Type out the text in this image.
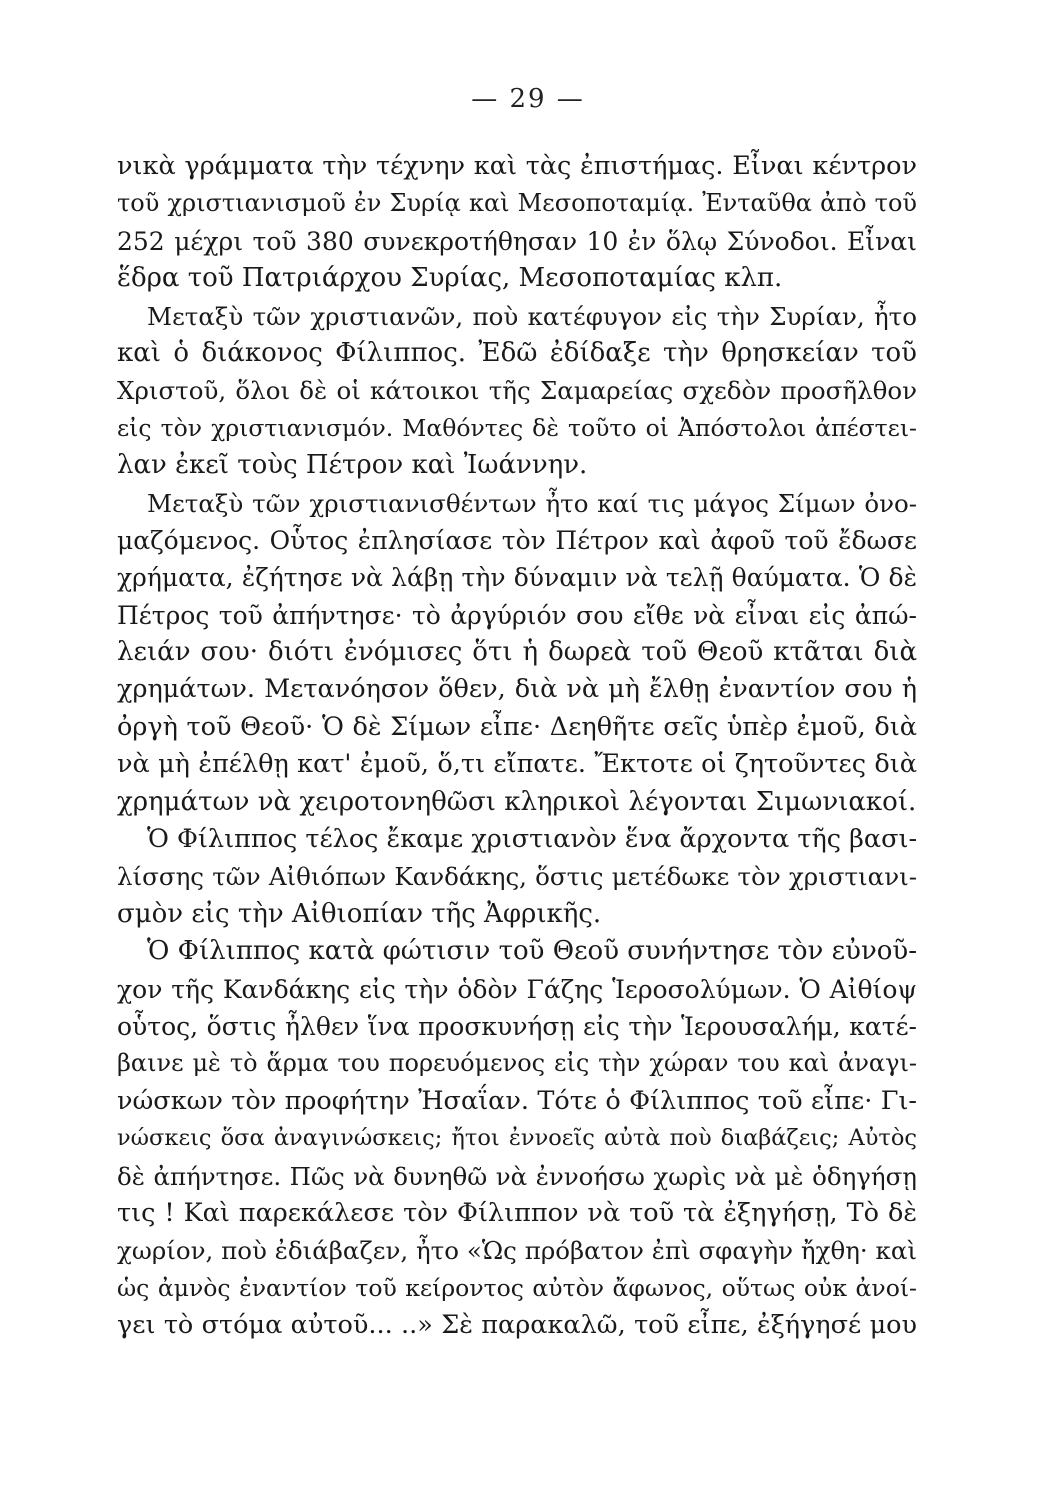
— 29 —
νικὰ γράμματα τὴν τέχνην καὶ τὰς ἐπιστήμας. Εἶναι κέντρον
τοῦ χριστιανισμοῦ ἐν Συρίᾳ καὶ Μεσοποταμίᾳ. Ἐνταῦθα ἀπὸ τοῦ
252 μέχρι τοῦ 380 συνεκροτήθησαν 10 ἐν ὅλῳ Σύνοδοι. Εἶναι
ἕδρα τοῦ Πατριάρχου Συρίας, Μεσοποταμίας κλπ.
Μεταξὺ τῶν χριστιανῶν, ποὺ κατέφυγον εἰς τὴν Συρίαν, ἦτο
καὶ ὁ διάκονος Φίλιππος. Ἐδῶ ἐδίδαξε τὴν θρησκείαν τοῦ
Χριστοῦ, ὅλοι δὲ οἱ κάτοικοι τῆς Σαμαρείας σχεδὸν προσῆλθον
εἰς τὸν χριστιανισμόν. Μαθόντες δὲ τοῦτο οἱ Ἀπόστολοι ἀπέστει-
λαν ἐκεῖ τοὺς Πέτρον καὶ Ἰωάννην.
Μεταξὺ τῶν χριστιανισθέντων ἦτο καί τις μάγος Σίμων ὀνο-
μαζόμενος. Οὗτος ἐπλησίασε τὸν Πέτρον καὶ ἀφοῦ τοῦ ἔδωσε
χρήματα, ἐζήτησε νὰ λάβῃ τὴν δύναμιν νὰ τελῇ θαύματα. Ὁ δὲ
Πέτρος τοῦ ἀπήντησε· τὸ ἀργύριόν σου εἴθε νὰ εἶναι εἰς ἀπώ-
λειάν σου· διότι ἐνόμισες ὅτι ἡ δωρεὰ τοῦ Θεοῦ κτᾶται διὰ
χρημάτων. Μετανόησον ὅθεν, διὰ νὰ μὴ ἔλθῃ ἐναντίον σου ἡ
ὀργὴ τοῦ Θεοῦ· Ὁ δὲ Σίμων εἶπε· Δεηθῆτε σεῖς ὑπὲρ ἐμοῦ, διὰ
νὰ μὴ ἐπέλθῃ κατ' ἐμοῦ, ὅ,τι εἴπατε. Ἔκτοτε οἱ ζητοῦντες διὰ
χρημάτων νὰ χειροτονηθῶσι κληρικοὶ λέγονται Σιμωνιακοί.
Ὁ Φίλιππος τέλος ἔκαμε χριστιανὸν ἕνα ἄρχοντα τῆς βασι-
λίσσης τῶν Αἰθιόπων Κανδάκης, ὅστις μετέδωκε τὸν χριστιανι-
σμὸν εἰς τὴν Αἰθιοπίαν τῆς Ἀφρικῆς.
Ὁ Φίλιππος κατὰ φώτισιν τοῦ Θεοῦ συνήντησε τὸν εὐνοῦ-
χον τῆς Κανδάκης εἰς τὴν ὁδὸν Γάζης Ἱεροσολύμων. Ὁ Αἰθίοψ
οὗτος, ὅστις ἦλθεν ἵνα προσκυνήσῃ εἰς τὴν Ἱερουσαλήμ, κατέ-
βαινε μὲ τὸ ἅρμα του πορευόμενος εἰς τὴν χώραν του καὶ ἀναγι-
νώσκων τὸν προφήτην Ἠσαΐαν. Τότε ὁ Φίλιππος τοῦ εἶπε· Γι-
νώσκεις ὅσα ἀναγινώσκεις; ἤτοι ἐννοεῖς αὐτὰ ποὺ διαβάζεις; Αὐτὸς
δὲ ἀπήντησε. Πῶς νὰ δυνηθῶ νὰ ἐννοήσω χωρὶς νὰ μὲ ὁδηγήσῃ
τις ! Καὶ παρεκάλεσε τὸν Φίλιππον νὰ τοῦ τὰ ἐξηγήσῃ, Τὸ δὲ
χωρίον, ποὺ ἐδιάβαζεν, ἦτο «Ὡς πρόβατον ἐπὶ σφαγὴν ἤχθη· καὶ
ὡς ἀμνὸς ἐναντίον τοῦ κείροντος αὐτὸν ἄφωνος, οὕτως οὐκ ἀνοί-
γει τὸ στόμα αὐτοῦ... ..» Σὲ παρακαλῶ, τοῦ εἶπε, ἐξήγησέ μου
